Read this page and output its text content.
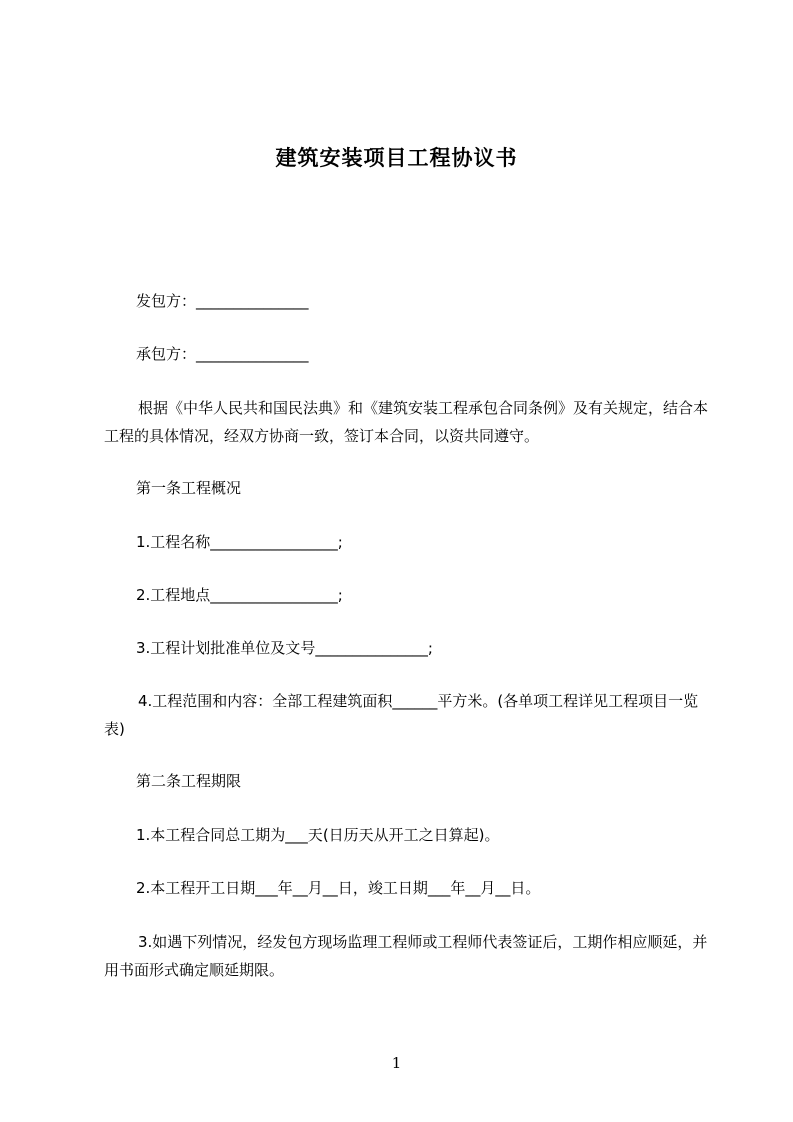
建筑安装项目工程协议书
发包方：_______________
承包方：_______________
根据《中华人民共和国民法典》和《建筑安装工程承包合同条例》及有关规定，结合本工程的具体情况，经双方协商一致，签订本合同，以资共同遵守。
第一条工程概况
1.工程名称_________________;
2.工程地点_________________;
3.工程计划批准单位及文号_______________;
4.工程范围和内容：全部工程建筑面积______平方米。(各单项工程详见工程项目一览表)
第二条工程期限
1.本工程合同总工期为___天(日历天从开工之日算起)。
2.本工程开工日期___年__月__日，竣工日期___年__月__日。
3.如遇下列情况，经发包方现场监理工程师或工程师代表签证后，工期作相应顺延，并用书面形式确定顺延期限。
1
